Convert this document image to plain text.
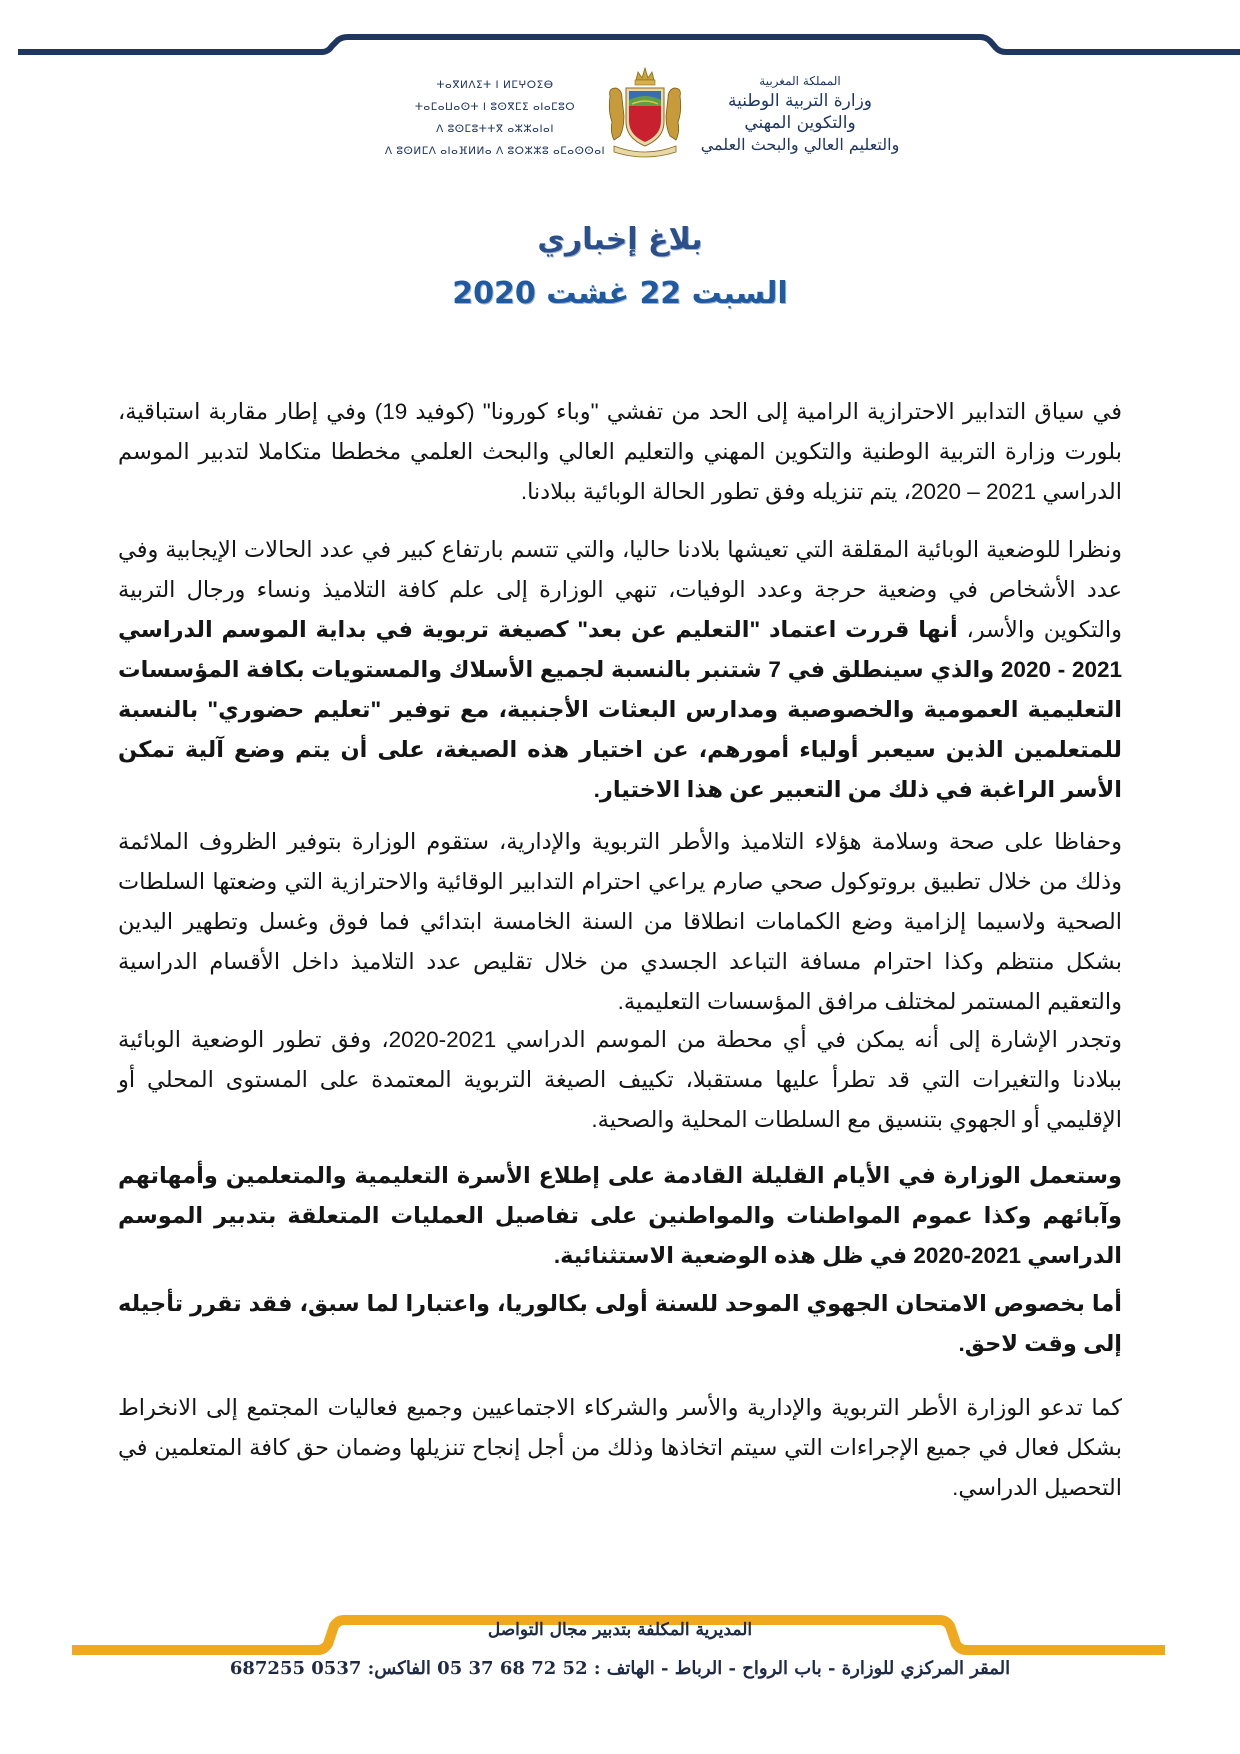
ⵜⴰⴳⵍⴷⵉⵜ ⵏ ⵍⵎⵖⵔⵉⴱ
ⵜⴰⵎⴰⵡⴰⵙⵜ ⵏ ⵓⵙⴳⵎⵉ ⴰⵏⴰⵎⵓⵔ
ⴷ ⵓⵙⵎⵓⵜⵜⴳ ⴰⵣⵣⴰⵏⴰⵏ
ⴷ ⵓⵙⵍⵎⴷ ⴰⵏⴰⴼⵍⵍⴰ ⴷ ⵓⵔⵣⵣⵓ ⴰⵎⴰⵙⵙⴰⵏ
المملكة المغربية
وزارة التربية الوطنية
والتكوين المهني
والتعليم العالي والبحث العلمي
بلاغ إخباري
السبت 22 غشت 2020

في سياق التدابير الاحترازية الرامية إلى الحد من تفشي "وباء كورونا" (كوفيد 19) وفي إطار مقاربة استباقية، بلورت وزارة التربية الوطنية والتكوين المهني والتعليم العالي والبحث العلمي مخططا متكاملا لتدبير الموسم الدراسي 2021 – 2020، يتم تنزيله وفق تطور الحالة الوبائية ببلادنا.

ونظرا للوضعية الوبائية المقلقة التي تعيشها بلادنا حاليا، والتي تتسم بارتفاع كبير في عدد الحالات الإيجابية وفي عدد الأشخاص في وضعية حرجة وعدد الوفيات، تنهي الوزارة إلى علم كافة التلاميذ ونساء ورجال التربية والتكوين والأسر، أنها قررت اعتماد "التعليم عن بعد" كصيغة تربوية في بداية الموسم الدراسي 2021 - 2020 والذي سينطلق في 7 شتنبر بالنسبة لجميع الأسلاك والمستويات بكافة المؤسسات التعليمية العمومية والخصوصية ومدارس البعثات الأجنبية، مع توفير "تعليم حضوري" بالنسبة للمتعلمين الذين سيعبر أولياء أمورهم، عن اختيار هذه الصيغة، على أن يتم وضع آلية تمكن الأسر الراغبة في ذلك من التعبير عن هذا الاختيار.

وحفاظا على صحة وسلامة هؤلاء التلاميذ والأطر التربوية والإدارية، ستقوم الوزارة بتوفير الظروف الملائمة وذلك من خلال تطبيق بروتوكول صحي صارم يراعي احترام التدابير الوقائية والاحترازية التي وضعتها السلطات الصحية ولاسيما إلزامية وضع الكمامات انطلاقا من السنة الخامسة ابتدائي فما فوق وغسل وتطهير اليدين بشكل منتظم وكذا احترام مسافة التباعد الجسدي من خلال تقليص عدد التلاميذ داخل الأقسام الدراسية والتعقيم المستمر لمختلف مرافق المؤسسات التعليمية.

وتجدر الإشارة إلى أنه يمكن في أي محطة من الموسم الدراسي 2021-2020، وفق تطور الوضعية الوبائية ببلادنا والتغيرات التي قد تطرأ عليها مستقبلا، تكييف الصيغة التربوية المعتمدة على المستوى المحلي أو الإقليمي أو الجهوي بتنسيق مع السلطات المحلية والصحية.

وستعمل الوزارة في الأيام القليلة القادمة على إطلاع الأسرة التعليمية والمتعلمين وأمهاتهم وآبائهم وكذا عموم المواطنات والمواطنين على تفاصيل العمليات المتعلقة بتدبير الموسم الدراسي 2021-2020 في ظل هذه الوضعية الاستثنائية.

أما بخصوص الامتحان الجهوي الموحد للسنة أولى بكالوريا، واعتبارا لما سبق، فقد تقرر تأجيله إلى وقت لاحق.

كما تدعو الوزارة الأطر التربوية والإدارية والأسر والشركاء الاجتماعيين وجميع فعاليات المجتمع إلى الانخراط بشكل فعال في جميع الإجراءات التي سيتم اتخاذها وذلك من أجل إنجاح تنزيلها وضمان حق كافة المتعلمين في التحصيل الدراسي.

المديرية المكلفة بتدبير مجال التواصل
المقر المركزي للوزارة - باب الرواح - الرباط - الهاتف : 52 72 68 37 05 الفاكس: 0537 687255
